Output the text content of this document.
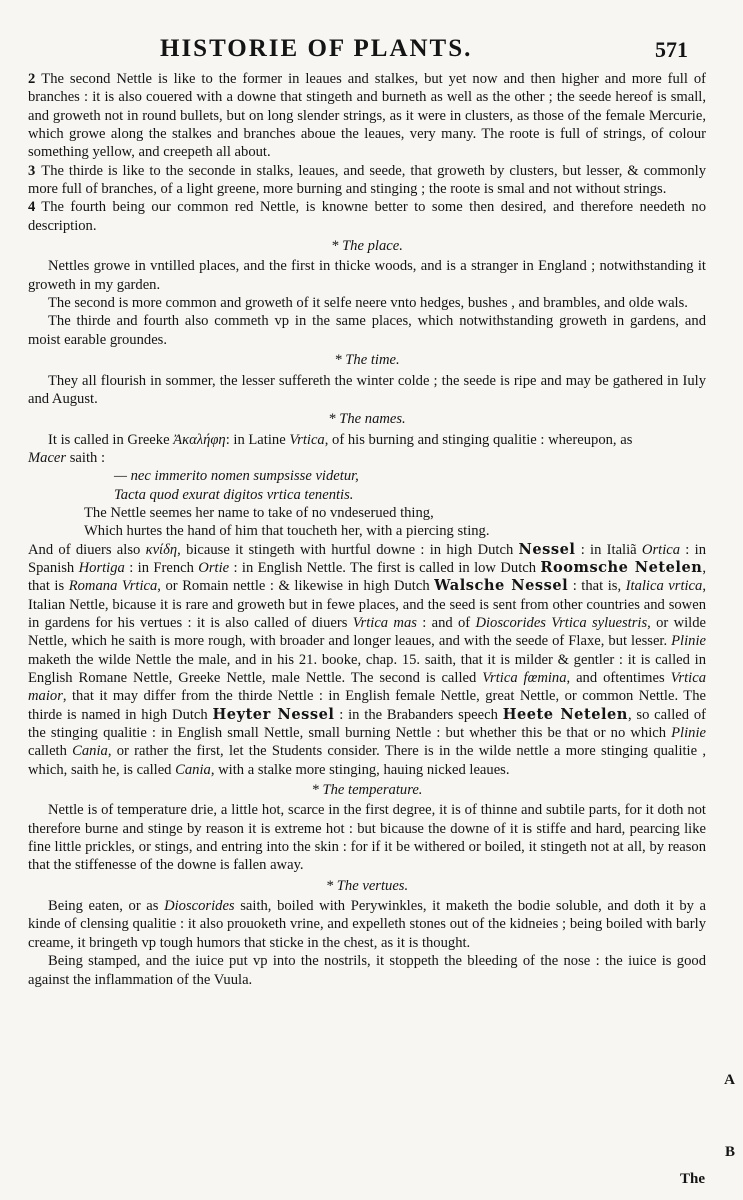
HISTORIE OF PLANTS.	571

2 The second Nettle is like to the former in leaues and stalkes, but yet now and then higher and more full of branches : it is also couered with a downe that stingeth and burneth as well as the other ; the seede hereof is small, and groweth not in round bullets, but on long slender strings, as it were in clusters, as those of the female Mercurie, which growe along the stalkes and branches aboue the leaues, very many. The roote is full of strings, of colour something yellow, and creepeth all about.

3 The thirde is like to the seconde in stalks, leaues, and seede, that groweth by clusters, but lesser, & commonly more full of branches, of a light greene, more burning and stinging ; the roote is smal and not without strings.

4 The fourth being our common red Nettle, is knowne better to some then desired, and therefore needeth no description.

* The place.

Nettles growe in vntilled places, and the first in thicke woods, and is a stranger in England ; notwithstanding it groweth in my garden.

The second is more common and groweth of it selfe neere vnto hedges, bushes , and brambles, and olde wals.

The thirde and fourth also commeth vp in the same places, which notwithstanding groweth in gardens, and moist earable groundes.

* The time.

They all flourish in sommer, the lesser suffereth the winter colde ; the seede is ripe and may be gathered in Iuly and August.

* The names.

It is called in Greeke Ἀκαλήφη: in Latine Vrtica, of his burning and stinging qualitie : whereupon, as
Macer saith :

— nec immerito nomen sumpsisse videtur,

Tacta quod exurat digitos vrtica tenentis.

The Nettle seemes her name to take of no vndeserued thing,

Which hurtes the hand of him that toucheth her, with a piercing sting.

And of diuers also κνίδη, bicause it stingeth with hurtful downe : in high Dutch Nessel : in Italiã Ortica : in Spanish Hortiga : in French Ortie : in English Nettle. The first is called in low Dutch Roomsche Netelen, that is Romana Vrtica, or Romain nettle : & likewise in high Dutch Walsche Nessel : that is, Italica vrtica, Italian Nettle, bicause it is rare and groweth but in fewe places, and the seed is sent from other countries and sowen in gardens for his vertues : it is also called of diuers Vrtica mas : and of Dioscorides Vrtica syluestris, or wilde Nettle, which he saith is more rough, with broader and longer leaues, and with the seede of Flaxe, but lesser. Plinie maketh the wilde Nettle the male, and in his 21. booke, chap. 15. saith, that it is milder & gentler : it is called in English Romane Nettle, Greeke Nettle, male Nettle. The second is called Vrtica fœmina, and oftentimes Vrtica maior, that it may differ from the thirde Nettle : in English female Nettle, great Nettle, or common Nettle. The thirde is named in high Dutch Heyter Nessel : in the Brabanders speech Heete Netelen, so called of the stinging qualitie : in English small Nettle, small burning Nettle : but whether this be that or no which Plinie calleth Cania, or rather the first, let the Students consider. There is in the wilde nettle a more stinging qualitie , which, saith he, is called Cania, with a stalke more stinging, hauing nicked leaues.

* The temperature.

Nettle is of temperature drie, a little hot, scarce in the first degree, it is of thinne and subtile parts, for it doth not therefore burne and stinge by reason it is extreme hot : but bicause the downe of it is stiffe and hard, pearcing like fine little prickles, or stings, and entring into the skin : for if it be withered or boiled, it stingeth not at all, by reason that the stiffenesse of the downe is fallen away.

* The vertues.

Being eaten, or as Dioscorides saith, boiled with Perywinkles, it maketh the bodie soluble, and doth it by a kinde of clensing qualitie : it also prouoketh vrine, and expelleth stones out of the kidneies ; being boiled with barly creame, it bringeth vp tough humors that sticke in the chest, as it is thought.

Being stamped, and the iuice put vp into the nostrils, it stoppeth the bleeding of the nose : the iuice is good against the inflammation of the Vuula.

A
B
The
